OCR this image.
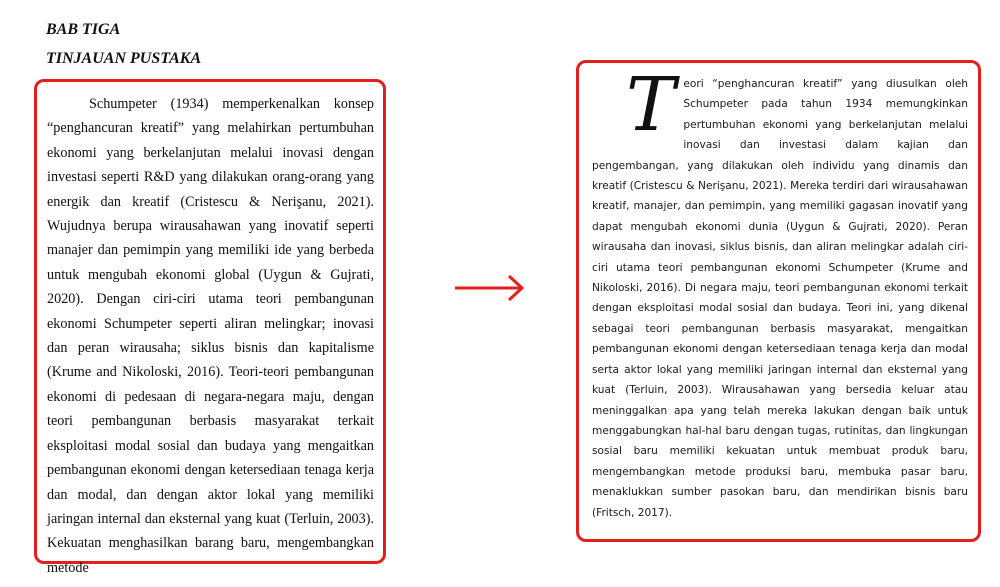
BAB TIGA
TINJAUAN PUSTAKA

Schumpeter (1934) memperkenalkan konsep “penghancuran kreatif” yang melahirkan pertumbuhan ekonomi yang berkelanjutan melalui inovasi dengan investasi seperti R&D yang dilakukan orang-orang yang energik dan kreatif (Cristescu & Nerişanu, 2021). Wujudnya berupa wirausahawan yang inovatif seperti manajer dan pemimpin yang memiliki ide yang berbeda untuk mengubah ekonomi global (Uygun & Gujrati, 2020). Dengan ciri-ciri utama teori pembangunan ekonomi Schumpeter seperti aliran melingkar; inovasi dan peran wirausaha; siklus bisnis dan kapitalisme (Krume and Nikoloski, 2016). Teori-teori pembangunan ekonomi di pedesaan di negara-negara maju, dengan teori pembangunan berbasis masyarakat terkait eksploitasi modal sosial dan budaya yang mengaitkan pembangunan ekonomi dengan ketersediaan tenaga kerja dan modal, dan dengan aktor lokal yang memiliki jaringan internal dan eksternal yang kuat (Terluin, 2003). Kekuatan menghasilkan barang baru, mengembangkan metode

Teori “penghancuran kreatif” yang diusulkan oleh Schumpeter pada tahun 1934 memungkinkan pertumbuhan ekonomi yang berkelanjutan melalui inovasi dan investasi dalam kajian dan pengembangan, yang dilakukan oleh individu yang dinamis dan kreatif (Cristescu & Nerişanu, 2021). Mereka terdiri dari wirausahawan kreatif, manajer, dan pemimpin, yang memiliki gagasan inovatif yang dapat mengubah ekonomi dunia (Uygun & Gujrati, 2020). Peran wirausaha dan inovasi, siklus bisnis, dan aliran melingkar adalah ciri-ciri utama teori pembangunan ekonomi Schumpeter (Krume and Nikoloski, 2016). Di negara maju, teori pembangunan ekonomi terkait dengan eksploitasi modal sosial dan budaya. Teori ini, yang dikenal sebagai teori pembangunan berbasis masyarakat, mengaitkan pembangunan ekonomi dengan ketersediaan tenaga kerja dan modal serta aktor lokal yang memiliki jaringan internal dan eksternal yang kuat (Terluin, 2003). Wirausahawan yang bersedia keluar atau meninggalkan apa yang telah mereka lakukan dengan baik untuk menggabungkan hal-hal baru dengan tugas, rutinitas, dan lingkungan sosial baru memiliki kekuatan untuk membuat produk baru, mengembangkan metode produksi baru, membuka pasar baru, menaklukkan sumber pasokan baru, dan mendirikan bisnis baru (Fritsch, 2017).
